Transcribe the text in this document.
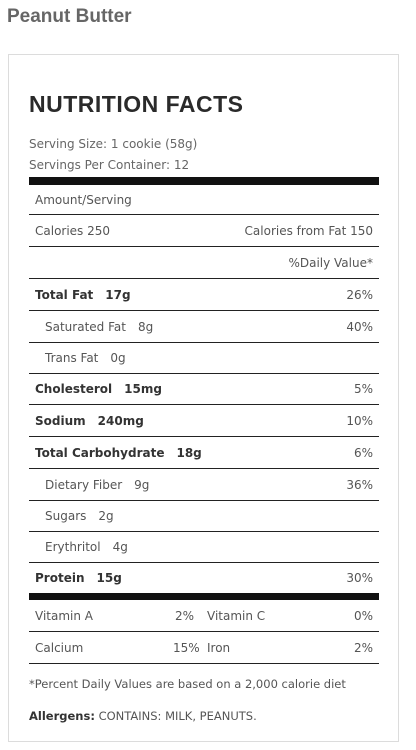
Peanut Butter
NUTRITION FACTS
Serving Size: 1 cookie (58g)
Servings Per Container: 12
Amount/Serving
Calories 250	Calories from Fat 150
%Daily Value*
Total Fat 17g	26%
Saturated Fat 8g	40%
Trans Fat 0g
Cholesterol 15mg	5%
Sodium 240mg	10%
Total Carbohydrate 18g	6%
Dietary Fiber 9g	36%
Sugars 2g
Erythritol 4g
Protein 15g	30%
Vitamin A	2% Vitamin C	0%
Calcium	15% Iron	2%
*Percent Daily Values are based on a 2,000 calorie diet
Allergens: CONTAINS: MILK, PEANUTS.
